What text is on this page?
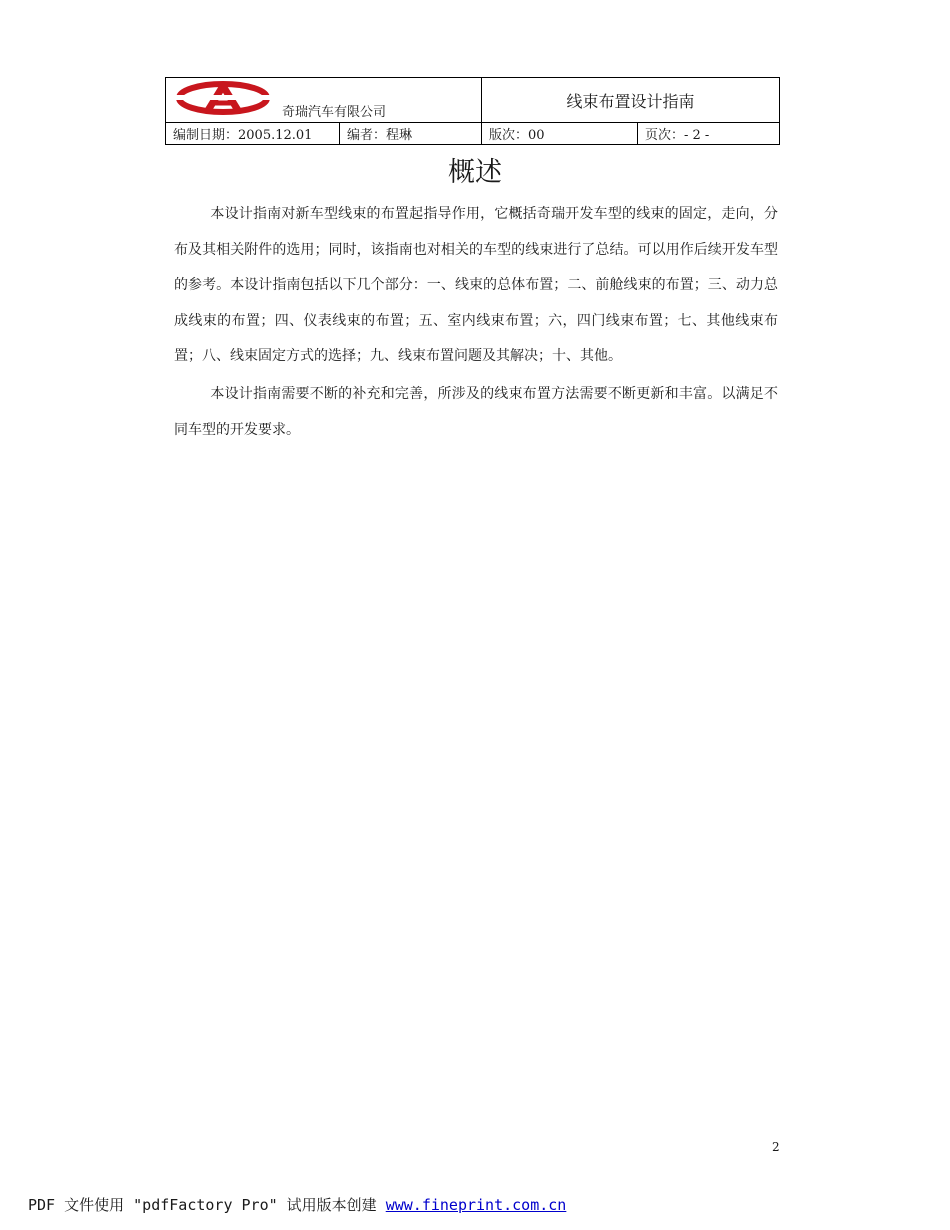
奇瑞汽车有限公司		线束布置设计指南	
编制日期：2005.12.01	编者：程琳	版次：00	页次：- 2 -
概述

本设计指南对新车型线束的布置起指导作用，它概括奇瑞开发车型的线束的固定，走向，分布及其相关附件的选用；同时，该指南也对相关的车型的线束进行了总结。可以用作后续开发车型的参考。本设计指南包括以下几个部分：一、线束的总体布置；二、前舱线束的布置；三、动力总成线束的布置；四、仪表线束的布置；五、室内线束布置；六，四门线束布置；七、其他线束布置；八、线束固定方式的选择；九、线束布置问题及其解决；十、其他。

本设计指南需要不断的补充和完善，所涉及的线束布置方法需要不断更新和丰富。以满足不同车型的开发要求。

2
PDF 文件使用 "pdfFactory Pro" 试用版本创建 www.fineprint.com.cn
